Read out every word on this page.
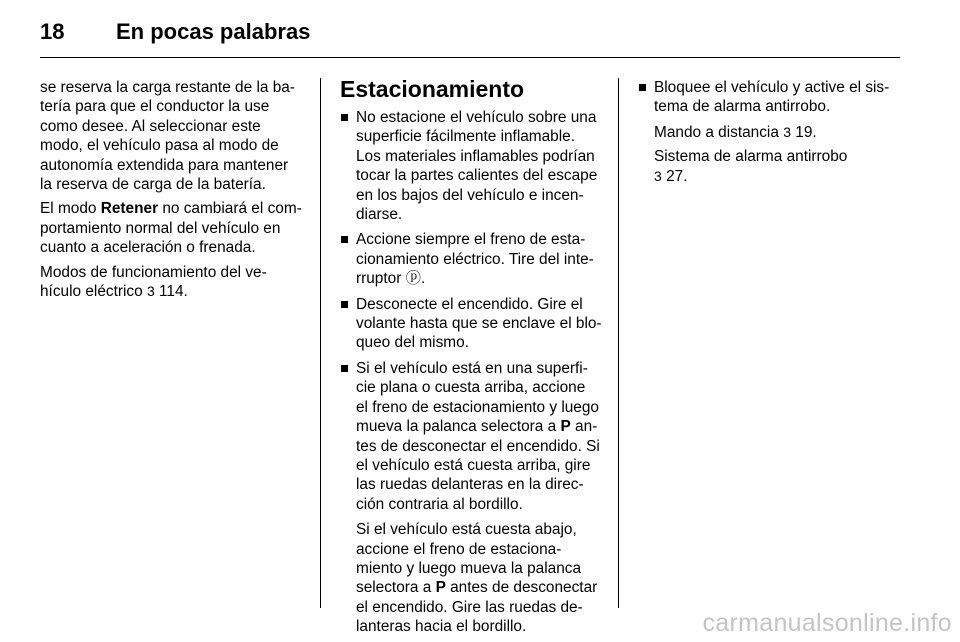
18 En pocas palabras

se reserva la carga restante de la ba-
tería para que el conductor la use
como desee. Al seleccionar este
modo, el vehículo pasa al modo de
autonomía extendida para mantener
la reserva de carga de la batería.

El modo Retener no cambiará el com-
portamiento normal del vehículo en
cuanto a aceleración o frenada.

Modos de funcionamiento del ve-
hículo eléctrico 3 114.

Estacionamiento
No estacione el vehículo sobre una
superficie fácilmente inflamable.
Los materiales inflamables podrían
tocar la partes calientes del escape
en los bajos del vehículo e incen-
diarse.
Accione siempre el freno de esta-
cionamiento eléctrico. Tire del inte-
rruptor ⓟ.
Desconecte el encendido. Gire el
volante hasta que se enclave el blo-
queo del mismo.
Si el vehículo está en una superfi-
cie plana o cuesta arriba, accione
el freno de estacionamiento y luego
mueva la palanca selectora a P an-
tes de desconectar el encendido. Si
el vehículo está cuesta arriba, gire
las ruedas delanteras en la direc-
ción contraria al bordillo.

Si el vehículo está cuesta abajo,
accione el freno de estaciona-
miento y luego mueva la palanca
selectora a P antes de desconectar
el encendido. Gire las ruedas de-
lanteras hacia el bordillo.

Bloquee el vehículo y active el sis-
tema de alarma antirrobo.

Mando a distancia 3 19.

Sistema de alarma antirrobo
3 27.

carmanualsonline.info
